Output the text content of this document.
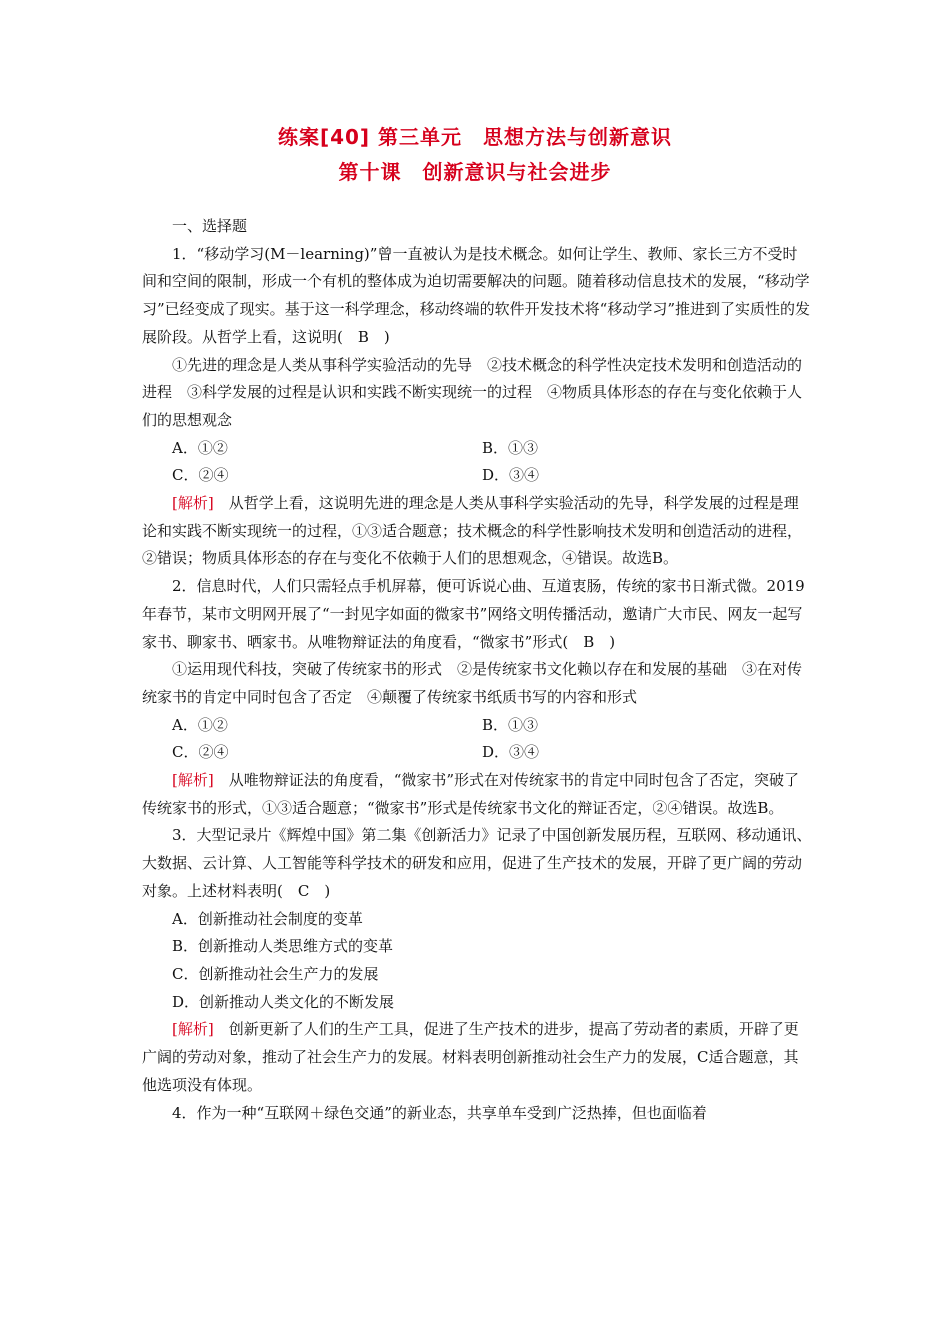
练案[40] 第三单元　思想方法与创新意识
第十课　创新意识与社会进步

一、选择题

1．“移动学习(M－learning)”曾一直被认为是技术概念。如何让学生、教师、家长三方不受时间和空间的限制，形成一个有机的整体成为迫切需要解决的问题。随着移动信息技术的发展，“移动学习”已经变成了现实。基于这一科学理念，移动终端的软件开发技术将“移动学习”推进到了实质性的发展阶段。从哲学上看，这说明(　B　)

①先进的理念是人类从事科学实验活动的先导　②技术概念的科学性决定技术发明和创造活动的进程　③科学发展的过程是认识和实践不断实现统一的过程　④物质具体形态的存在与变化依赖于人们的思想观念

A．①②	B．①③
C．②④	D．③④

[解析]　从哲学上看，这说明先进的理念是人类从事科学实验活动的先导，科学发展的过程是理论和实践不断实现统一的过程，①③适合题意；技术概念的科学性影响技术发明和创造活动的进程，②错误；物质具体形态的存在与变化不依赖于人们的思想观念，④错误。故选B。

2．信息时代，人们只需轻点手机屏幕，便可诉说心曲、互道衷肠，传统的家书日渐式微。2019年春节，某市文明网开展了“一封见字如面的微家书”网络文明传播活动，邀请广大市民、网友一起写家书、聊家书、晒家书。从唯物辩证法的角度看，“微家书”形式(　B　)

①运用现代科技，突破了传统家书的形式　②是传统家书文化赖以存在和发展的基础　③在对传统家书的肯定中同时包含了否定　④颠覆了传统家书纸质书写的内容和形式

A．①②	B．①③
C．②④	D．③④

[解析]　从唯物辩证法的角度看，“微家书”形式在对传统家书的肯定中同时包含了否定，突破了传统家书的形式，①③适合题意；“微家书”形式是传统家书文化的辩证否定，②④错误。故选B。

3．大型记录片《辉煌中国》第二集《创新活力》记录了中国创新发展历程，互联网、移动通讯、大数据、云计算、人工智能等科学技术的研发和应用，促进了生产技术的发展，开辟了更广阔的劳动对象。上述材料表明(　C　)

A．创新推动社会制度的变革

B．创新推动人类思维方式的变革

C．创新推动社会生产力的发展

D．创新推动人类文化的不断发展

[解析]　创新更新了人们的生产工具，促进了生产技术的进步，提高了劳动者的素质，开辟了更广阔的劳动对象，推动了社会生产力的发展。材料表明创新推动社会生产力的发展，C适合题意，其他选项没有体现。

4．作为一种“互联网＋绿色交通”的新业态，共享单车受到广泛热捧，但也面临着
